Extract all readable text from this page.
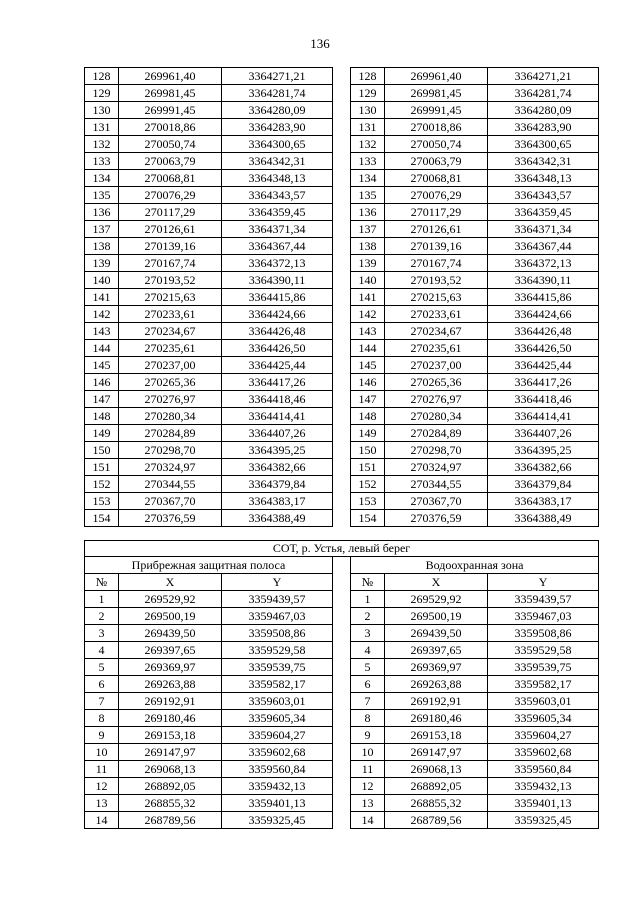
136
128	269961,40	3364271,21		128	269961,40	3364271,21
129	269981,45	3364281,74		129	269981,45	3364281,74
130	269991,45	3364280,09		130	269991,45	3364280,09
131	270018,86	3364283,90		131	270018,86	3364283,90
132	270050,74	3364300,65		132	270050,74	3364300,65
133	270063,79	3364342,31		133	270063,79	3364342,31
134	270068,81	3364348,13		134	270068,81	3364348,13
135	270076,29	3364343,57		135	270076,29	3364343,57
136	270117,29	3364359,45		136	270117,29	3364359,45
137	270126,61	3364371,34		137	270126,61	3364371,34
138	270139,16	3364367,44		138	270139,16	3364367,44
139	270167,74	3364372,13		139	270167,74	3364372,13
140	270193,52	3364390,11		140	270193,52	3364390,11
141	270215,63	3364415,86		141	270215,63	3364415,86
142	270233,61	3364424,66		142	270233,61	3364424,66
143	270234,67	3364426,48		143	270234,67	3364426,48
144	270235,61	3364426,50		144	270235,61	3364426,50
145	270237,00	3364425,44		145	270237,00	3364425,44
146	270265,36	3364417,26		146	270265,36	3364417,26
147	270276,97	3364418,46		147	270276,97	3364418,46
148	270280,34	3364414,41		148	270280,34	3364414,41
149	270284,89	3364407,26		149	270284,89	3364407,26
150	270298,70	3364395,25		150	270298,70	3364395,25
151	270324,97	3364382,66		151	270324,97	3364382,66
152	270344,55	3364379,84		152	270344,55	3364379,84
153	270367,70	3364383,17		153	270367,70	3364383,17
154	270376,59	3364388,49		154	270376,59	3364388,49
СОТ, р. Устья, левый берег						
Прибрежная защитная полоса				Водоохранная зона		
№	X	Y		№	X	Y
1	269529,92	3359439,57		1	269529,92	3359439,57
2	269500,19	3359467,03		2	269500,19	3359467,03
3	269439,50	3359508,86		3	269439,50	3359508,86
4	269397,65	3359529,58		4	269397,65	3359529,58
5	269369,97	3359539,75		5	269369,97	3359539,75
6	269263,88	3359582,17		6	269263,88	3359582,17
7	269192,91	3359603,01		7	269192,91	3359603,01
8	269180,46	3359605,34		8	269180,46	3359605,34
9	269153,18	3359604,27		9	269153,18	3359604,27
10	269147,97	3359602,68		10	269147,97	3359602,68
11	269068,13	3359560,84		11	269068,13	3359560,84
12	268892,05	3359432,13		12	268892,05	3359432,13
13	268855,32	3359401,13		13	268855,32	3359401,13
14	268789,56	3359325,45		14	268789,56	3359325,45
